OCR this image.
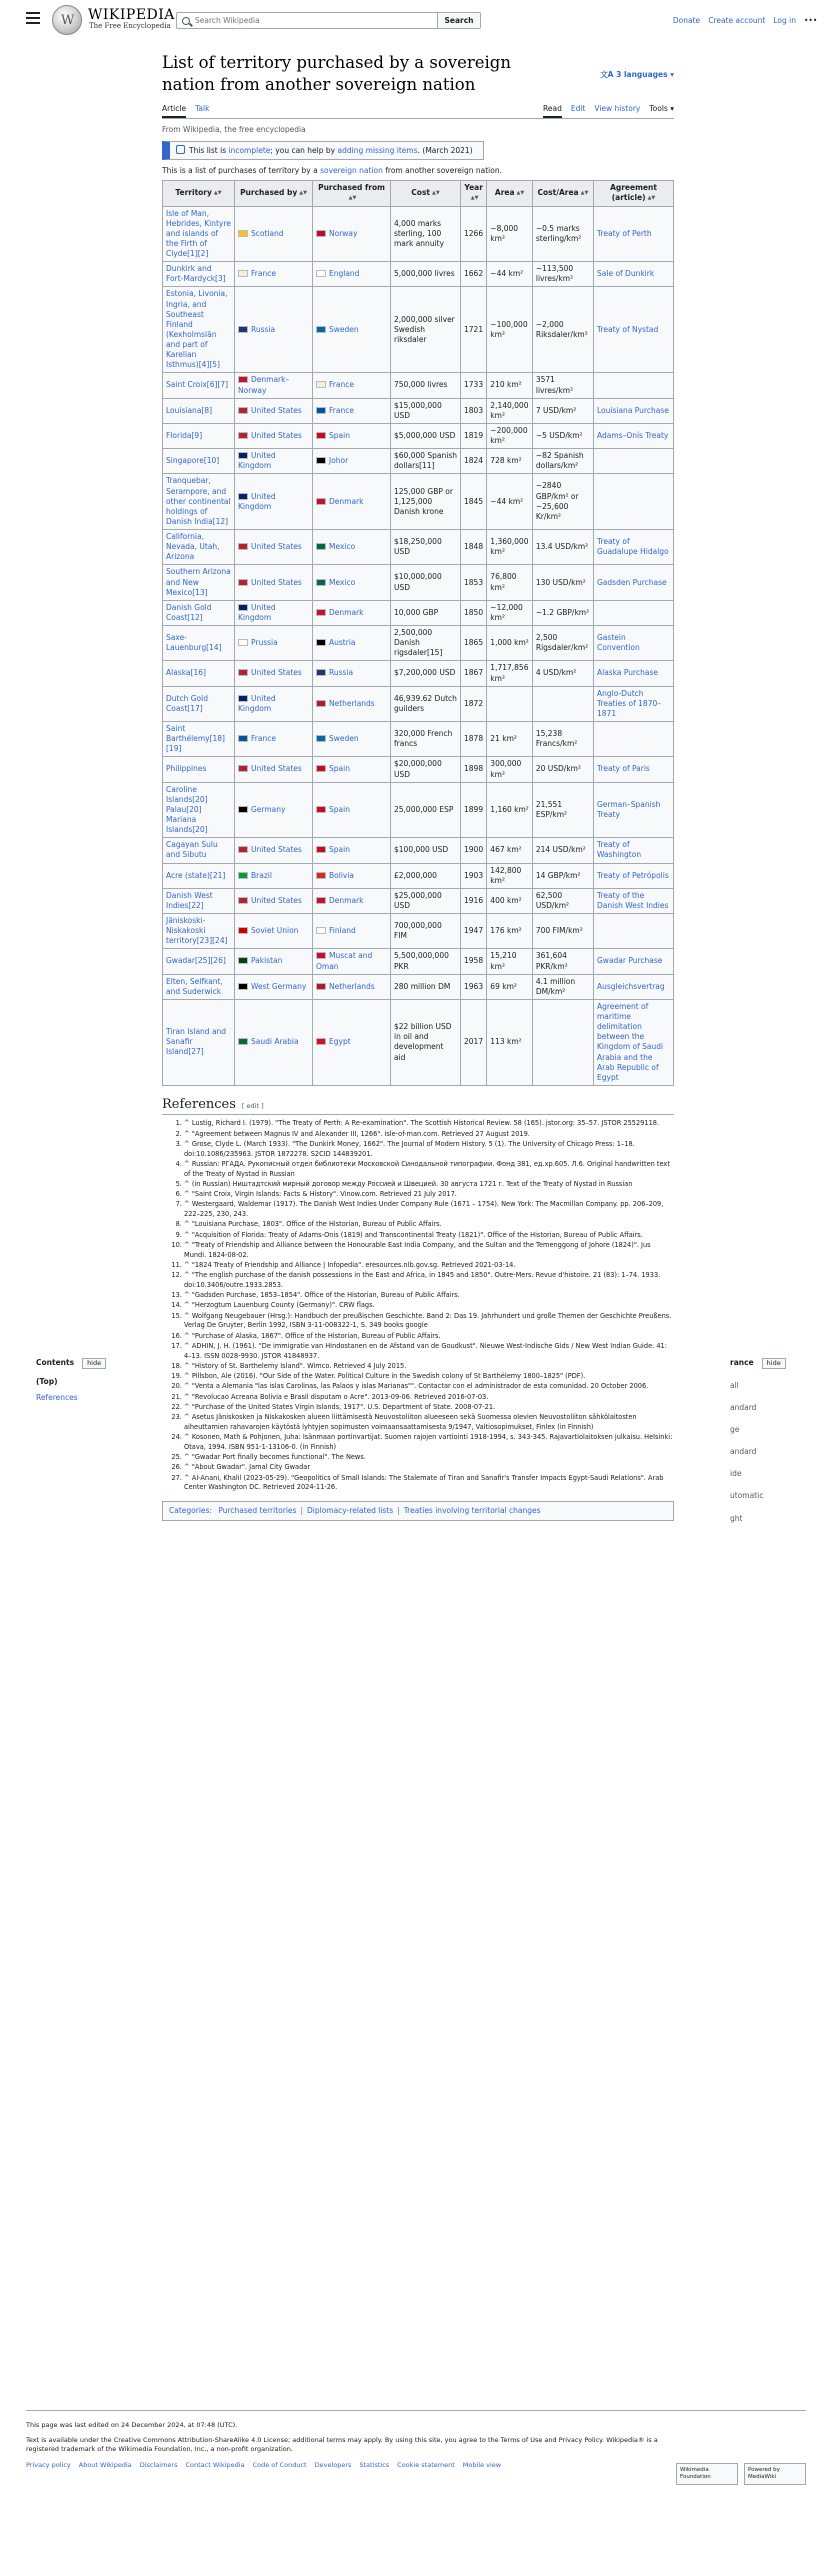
W
WIKIPEDIA
The Free Encyclopedia
Search Wikipedia
Search	Donate Create account Log in •••
Contents hide
(Top)
References
rance hide
all
andard
ge
andard
ide
utomatic
ght
List of territory purchased by a sovereign nation from another sovereign nation
文A 3 languages ▾
Article Talk	Read Edit View history Tools ▾
From Wikipedia, the free encyclopedia
This list is incomplete; you can help by adding missing items. (March 2021)
This is a list of purchases of territory by a sovereign nation from another sovereign nation.
Territory ▲▼	Purchased by ▲▼	Purchased from▲▼	Cost ▲▼	Year▲▼	Area ▲▼	Cost/Area ▲▼	Agreement (article) ▲▼
Isle of Man, Hebrides, Kintyre and islands of the Firth of Clyde[1][2]	Scotland	Norway	4,000 marks sterling, 100 mark annuity	1266	~8,000 km²	~0.5 marks sterling/km²	Treaty of Perth
Dunkirk and Fort-Mardyck[3]	France	England	5,000,000 livres	1662	~44 km²	~113,500 livres/km²	Sale of Dunkirk
Estonia, Livonia, Ingria, and Southeast Finland (Kexholmslän and part of Karelian Isthmus)[4][5]	Russia	Sweden	2,000,000 silver Swedish riksdaler	1721	~100,000 km²	~2,000 Riksdaler/km²	Treaty of Nystad
Saint Croix[6][7]	Denmark–Norway	France	750,000 livres	1733	210 km²	3571 livres/km²	
Louisiana[8]	United States	France	$15,000,000 USD	1803	2,140,000 km²	7 USD/km²	Louisiana Purchase
Florida[9]	United States	Spain	$5,000,000 USD	1819	~200,000 km²	~5 USD/km²	Adams–Onís Treaty
Singapore[10]	United Kingdom	Johor	$60,000 Spanish dollars[11]	1824	728 km²	~82 Spanish dollars/km²	
Tranquebar, Serampore, and other continental holdings of Danish India[12]	United Kingdom	Denmark	125,000 GBP or 1,125,000 Danish krone	1845	~44 km²	~2840 GBP/km² or ~25,600 Kr/km²	
California, Nevada, Utah, Arizona	United States	Mexico	$18,250,000 USD	1848	1,360,000 km²	13.4 USD/km²	Treaty of Guadalupe Hidalgo
Southern Arizona and New Mexico[13]	United States	Mexico	$10,000,000 USD	1853	76,800 km²	130 USD/km²	Gadsden Purchase
Danish Gold Coast[12]	United Kingdom	Denmark	10,000 GBP	1850	~12,000 km²	~1.2 GBP/km²	
Saxe-Lauenburg[14]	Prussia	Austria	2,500,000 Danish rigsdaler[15]	1865	1,000 km²	2,500 Rigsdaler/km²	Gastein Convention
Alaska[16]	United States	Russia	$7,200,000 USD	1867	1,717,856 km²	4 USD/km²	Alaska Purchase
Dutch Gold Coast[17]	United Kingdom	Netherlands	46,939.62 Dutch guilders	1872			Anglo-Dutch Treaties of 1870–1871
Saint Barthélemy[18][19]	France	Sweden	320,000 French francs	1878	21 km²	15,238 Francs/km²	
Philippines	United States	Spain	$20,000,000 USD	1898	300,000 km²	20 USD/km²	Treaty of Paris
Caroline Islands[20] Palau[20] Mariana Islands[20]	Germany	Spain	25,000,000 ESP	1899	1,160 km²	21,551 ESP/km²	German–Spanish Treaty
Cagayan Sulu and Sibutu	United States	Spain	$100,000 USD	1900	467 km²	214 USD/km²	Treaty of Washington
Acre (state)[21]	Brazil	Bolivia	£2,000,000	1903	142,800 km²	14 GBP/km²	Treaty of Petrópolis
Danish West Indies[22]	United States	Denmark	$25,000,000 USD	1916	400 km²	62,500 USD/km²	Treaty of the Danish West Indies
Jäniskoski-Niskakoski territory[23][24]	Soviet Union	Finland	700,000,000 FIM	1947	176 km²	700 FIM/km²	
Gwadar[25][26]	Pakistan	Muscat and Oman	5,500,000,000 PKR	1958	15,210 km²	361,604 PKR/km²	Gwadar Purchase
Elten, Selfkant, and Suderwick	West Germany	Netherlands	280 million DM	1963	69 km²	4.1 million DM/km²	Ausgleichsvertrag
Tiran Island and Sanafir Island[27]	Saudi Arabia	Egypt	$22 billion USD in oil and development aid	2017	113 km²		Agreement of maritime delimitation between the Kingdom of Saudi Arabia and the Arab Republic of Egypt
References [ edit ]
1. ^ Lustig, Richard I. (1979). "The Treaty of Perth: A Re-examination". The Scottish Historical Review. 58 (165). jstor.org: 35–57. JSTOR 25529118.
2. ^ "Agreement between Magnus IV and Alexander III, 1266". isle-of-man.com. Retrieved 27 August 2019.
3. ^ Grose, Clyde L. (March 1933). "The Dunkirk Money, 1662". The Journal of Modern History. 5 (1). The University of Chicago Press: 1–18. doi:10.1086/235963. JSTOR 1872278. S2CID 144839201.
4. ^ Russian: РГАДА. Рукописный отдел библиотеки Московской Синодальной типографии. Фонд 381, ед.хр.605. Л.6. Original handwritten text of the Treaty of Nystad in Russian
5. ^ (in Russian) Ништадтский мирный договор между Россией и Швецией. 30 августа 1721 г. Text of the Treaty of Nystad in Russian
6. ^ "Saint Croix, Virgin Islands: Facts & History". Vinow.com. Retrieved 21 July 2017.
7. ^ Westergaard, Waldemar (1917). The Danish West Indies Under Company Rule (1671 – 1754). New York: The Macmillan Company. pp. 206–209, 222–225, 230, 243.
8. ^ "Louisiana Purchase, 1803". Office of the Historian, Bureau of Public Affairs.
9. ^ "Acquisition of Florida: Treaty of Adams-Onis (1819) and Transcontinental Treaty (1821)". Office of the Historian, Bureau of Public Affairs.
10. ^ "Treaty of Friendship and Alliance between the Honourable East India Company, and the Sultan and the Temenggong of Johore (1824)". Jus Mundi. 1824-08-02.
11. ^ "1824 Treaty of Friendship and Alliance | Infopedia". eresources.nlb.gov.sg. Retrieved 2021-03-14.
12. ^ "The english purchase of the danish possessions in the East and Africa, in 1845 and 1850". Outre-Mers. Revue d'histoire. 21 (83): 1–74. 1933. doi:10.3406/outre.1933.2853.
13. ^ "Gadsden Purchase, 1853–1854". Office of the Historian, Bureau of Public Affairs.
14. ^ "Herzogtum Lauenburg County (Germany)". CRW flags.
15. ^ Wolfgang Neugebauer (Hrsg.): Handbuch der preußischen Geschichte. Band 2: Das 19. Jahrhundert und große Themen der Geschichte Preußens. Verlag De Gruyter, Berlin 1992, ISBN 3-11-008322-1, S. 349 books google
16. ^ "Purchase of Alaska, 1867". Office of the Historian, Bureau of Public Affairs.
17. ^ ADHIN, J. H. (1961). "De immigratie van Hindostanen en de Afstand van de Goudkust". Nieuwe West-Indische Gids / New West Indian Guide. 41: 4–13. ISSN 0028-9930. JSTOR 41848937.
18. ^ "History of St. Barthelemy Island". Wimco. Retrieved 4 July 2015.
19. ^ Pillsbon, Ale (2016). "Our Side of the Water. Political Culture in the Swedish colony of St Barthélemy 1800–1825" (PDF).
20. ^ "Venta a Alemania "las islas Carolinas, las Palaos y islas Marianas"". Contactar con el administrador de esta comunidad. 20 October 2006.
21. ^ "Revolucao Acreana Bolivia e Brasil disputam o Acre". 2013-09-06. Retrieved 2016-07-03.
22. ^ "Purchase of the United States Virgin Islands, 1917". U.S. Department of State. 2008-07-21.
23. ^ Asetus Jäniskosken ja Niskakosken alueen liittämisestä Neuvostoliiton alueeseen sekä Suomessa olevien Neuvostoliiton sähkölaitosten aiheuttamien rahavarojen käytöstä lyhtyjen sopimusten voimaansaattamisesta 9/1947, Valtiosopimukset, Finlex (in Finnish)
24. ^ Kosonen, Math & Pohjonen, Juha: Isänmaan portinvartijat. Suomen rajojen vartiointi 1918-1994, s. 343-345. Rajavartiolaitoksen julkaisu. Helsinki: Otava, 1994. ISBN 951-1-13106-0. (in Finnish)
25. ^ "Gwadar Port finally becomes functional". The News.
26. ^ "About Gwadar". Jamal City Gwadar
27. ^ Al-Anani, Khalil (2023-05-29). "Geopolitics of Small Islands: The Stalemate of Tiran and Sanafir's Transfer Impacts Egypt-Saudi Relations". Arab Center Washington DC. Retrieved 2024-11-26.
Categories: Purchased territories | Diplomacy-related lists | Treaties involving territorial changes

This page was last edited on 24 December 2024, at 07:48 (UTC).

Text is available under the Creative Commons Attribution-ShareAlike 4.0 License; additional terms may apply. By using this site, you agree to the Terms of Use and Privacy Policy. Wikipedia® is a registered trademark of the Wikimedia Foundation, Inc., a non-profit organization.

Privacy policy About Wikipedia Disclaimers Contact Wikipedia Code of Conduct Developers Statistics Cookie statement Mobile view
Wikimedia Foundation
Powered by MediaWiki
